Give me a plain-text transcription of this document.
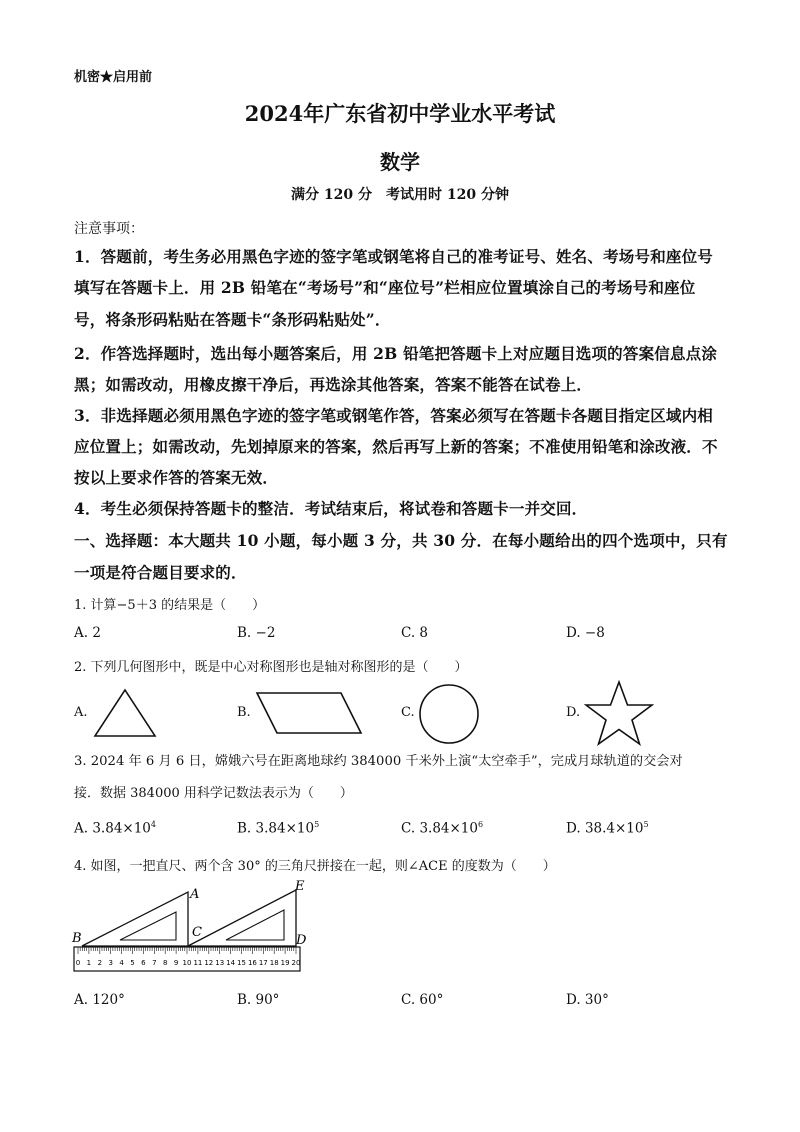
机密★启用前
2024年广东省初中学业水平考试
数学
满分 120 分　考试用时 120 分钟
注意事项：
1．答题前，考生务必用黑色字迹的签字笔或钢笔将自己的准考证号、姓名、考场号和座位号
填写在答题卡上．用 2B 铅笔在“考场号”和“座位号”栏相应位置填涂自己的考场号和座位
号，将条形码粘贴在答题卡“条形码粘贴处”．
2．作答选择题时，选出每小题答案后，用 2B 铅笔把答题卡上对应题目选项的答案信息点涂
黑；如需改动，用橡皮擦干净后，再选涂其他答案，答案不能答在试卷上．
3．非选择题必须用黑色字迹的签字笔或钢笔作答，答案必须写在答题卡各题目指定区域内相
应位置上；如需改动，先划掉原来的答案，然后再写上新的答案；不准使用铅笔和涂改液．不
按以上要求作答的答案无效．
4．考生必须保持答题卡的整洁．考试结束后，将试卷和答题卡一并交回．
一、选择题：本大题共 10 小题，每小题 3 分，共 30 分．在每小题给出的四个选项中，只有
一项是符合题目要求的．
1. 计算−5＋3 的结果是（　　）
A. 2	B. −2	C. 8	D. −8
2. 下列几何图形中，既是中心对称图形也是轴对称图形的是（　　）
A.	B.	C.	D.
3. 2024 年 6 月 6 日，嫦娥六号在距离地球约 384000 千米外上演“太空牵手”，完成月球轨道的交会对
接．数据 384000 用科学记数法表示为（　　）
A. $3.84\times 10^4$	B. $3.84\times 10^5$	C. $3.84\times 10^6$	D. $38.4\times 10^5$
4. 如图，一把直尺、两个含 30° 的三角尺拼接在一起，则∠ACE 的度数为（　　）
0 1 2 3 4 5 6 7 8 9 10 11 12 13 14 15 16 17 18 19 20
A
B	C
D
E
A. 120°	B. 90°	C. 60°	D. 30°
